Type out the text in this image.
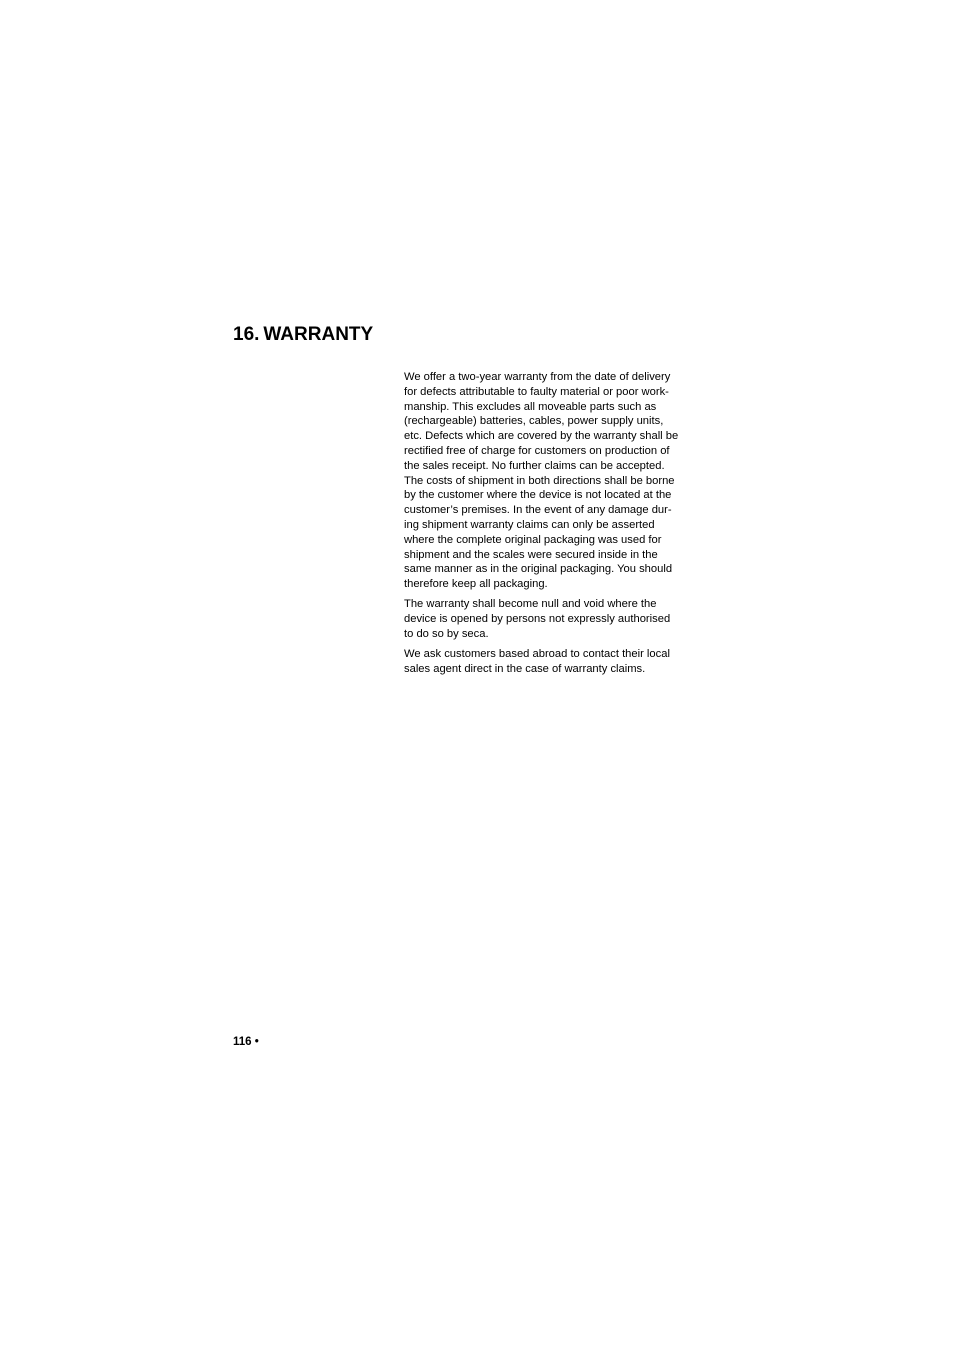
16. WARRANTY

We offer a two-year warranty from the date of delivery
for defects attributable to faulty material or poor work-
manship. This excludes all moveable parts such as
(rechargeable) batteries, cables, power supply units,
etc. Defects which are covered by the warranty shall be
rectified free of charge for customers on production of
the sales receipt. No further claims can be accepted.
The costs of shipment in both directions shall be borne
by the customer where the device is not located at the
customer’s premises. In the event of any damage dur-
ing shipment warranty claims can only be asserted
where the complete original packaging was used for
shipment and the scales were secured inside in the
same manner as in the original packaging. You should
therefore keep all packaging.

The warranty shall become null and void where the
device is opened by persons not expressly authorised
to do so by seca.

We ask customers based abroad to contact their local
sales agent direct in the case of warranty claims.

116 •
